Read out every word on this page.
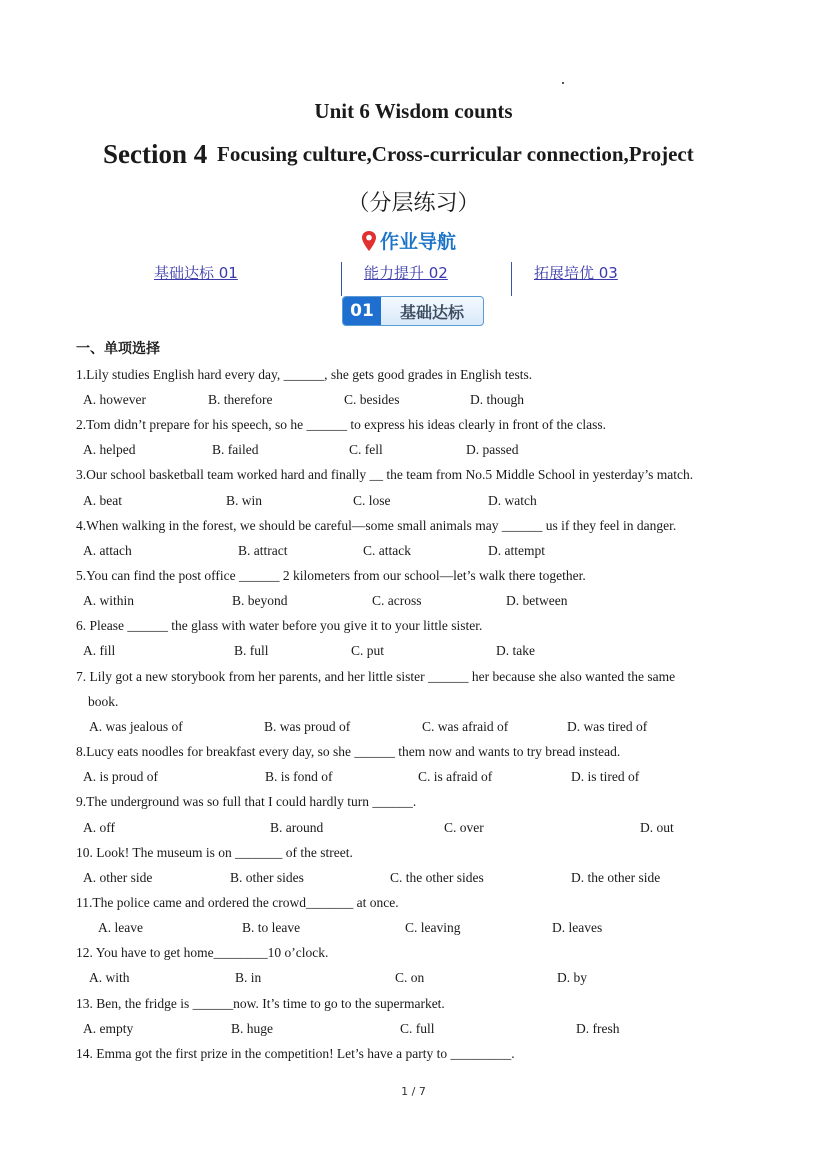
Unit 6 Wisdom counts
Section 4 Focusing culture,Cross-curricular connection,Project
（分层练习）
作业导航
基础达标 01	能力提升 02	拓展培优 03
01	基础达标
一、单项选择
1.Lily studies English hard every day, ______, she gets good grades in English tests.
A. however	B. therefore	C. besides	D. though
2.Tom didn’t prepare for his speech, so he ______ to express his ideas clearly in front of the class.
A. helped	B. failed	C. fell	D. passed
3.Our school basketball team worked hard and finally __ the team from No.5 Middle School in yesterday’s match.
A. beat	B. win	C. lose	D. watch
4.When walking in the forest, we should be careful—some small animals may ______ us if they feel in danger.
A. attach	B. attract	C. attack	D. attempt
5.You can find the post office ______ 2 kilometers from our school—let’s walk there together.
A. within	B. beyond	C. across	D. between
6. Please ______ the glass with water before you give it to your little sister.
A. fill	B. full	C. put	D. take
7. Lily got a new storybook from her parents, and her little sister ______ her because she also wanted the same
book.
A. was jealous of	B. was proud of	C. was afraid of	D. was tired of
8.Lucy eats noodles for breakfast every day, so she ______ them now and wants to try bread instead.
A. is proud of	B. is fond of	C. is afraid of	D. is tired of
9.The underground was so full that I could hardly turn ______.
A. off	B. around	C. over	D. out
10. Look! The museum is on _______ of the street.
A. other side	B. other sides	C. the other sides	D. the other side
11.The police came and ordered the crowd_______ at once.
A. leave	B. to leave	C. leaving	D. leaves
12. You have to get home________10 o’clock.
A. with	B. in	C. on	D. by
13. Ben, the fridge is ______now. It’s time to go to the supermarket.
A. empty	B. huge	C. full	D. fresh
14. Emma got the first prize in the competition! Let’s have a party to _________.
1 / 7
